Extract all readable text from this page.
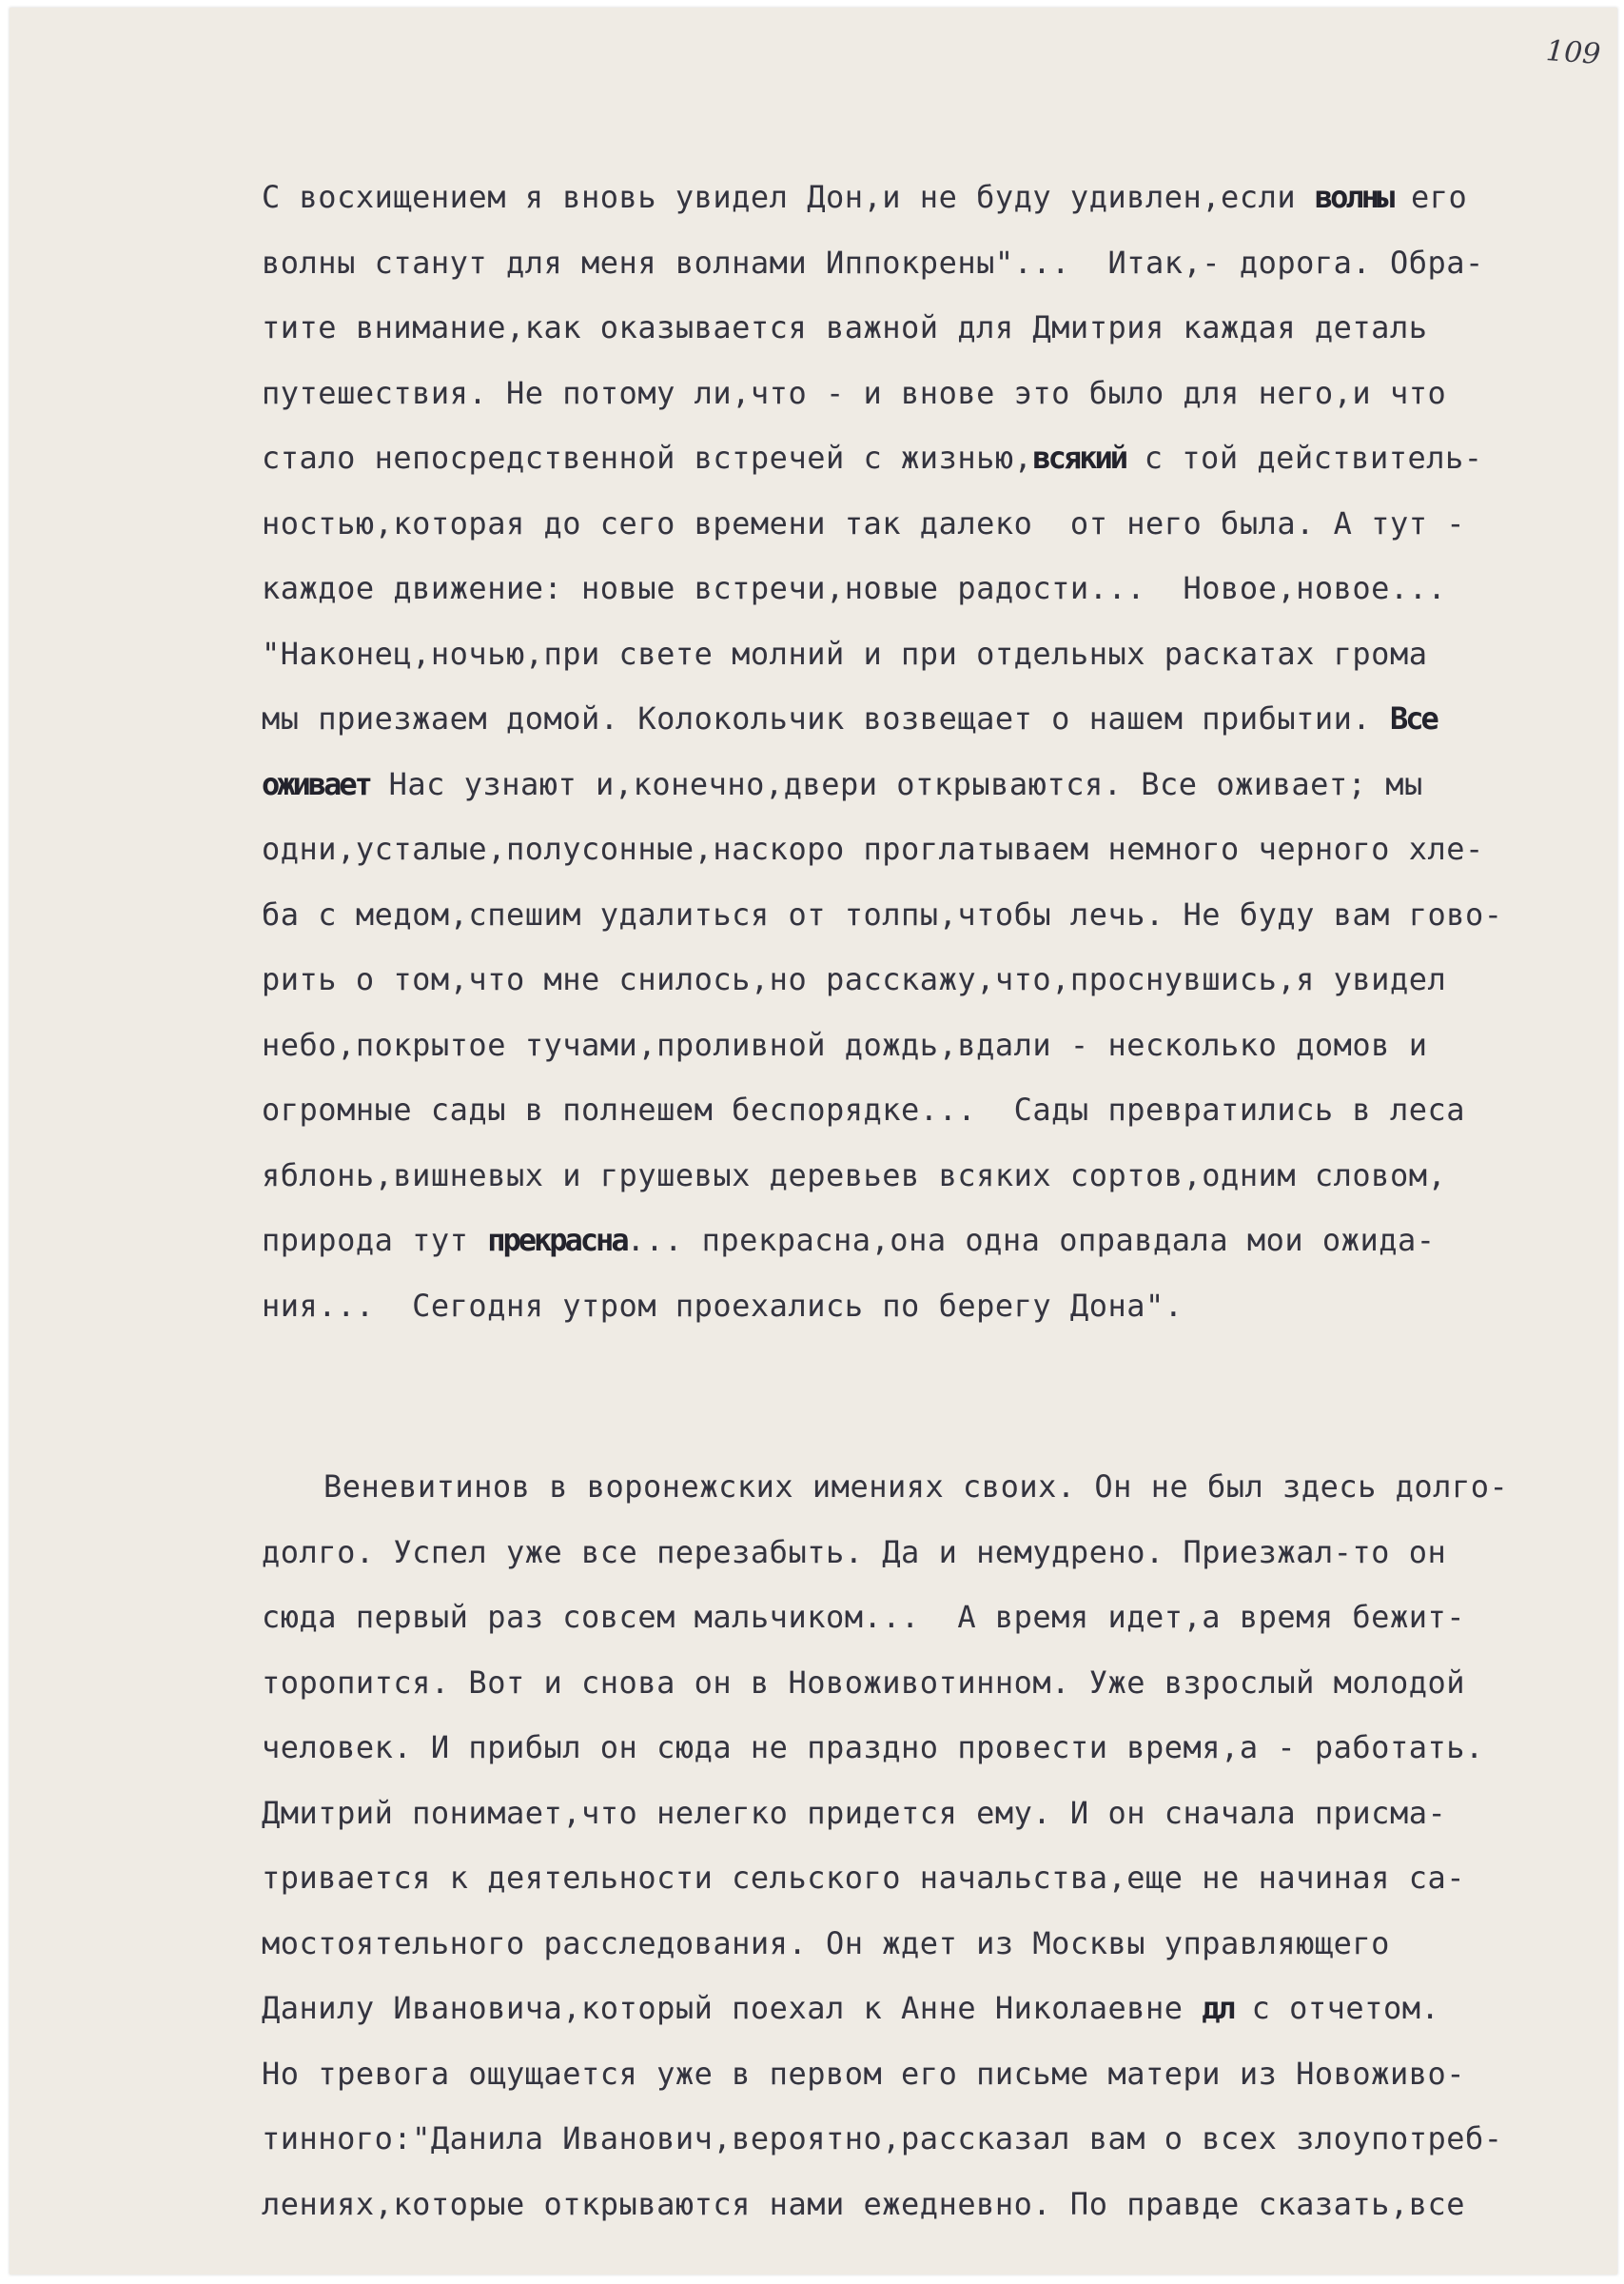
109
С восхищением я вновь увидел Дон,и не буду удивлен,если волны его
волны станут для меня волнами Иппокрены"...  Итак,- дорога. Обра-
тите внимание,как оказывается важной для Дмитрия каждая деталь
путешествия. Не потому ли,что - и внове это было для него,и что
стало непосредственной встречей с жизнью,всякий с той действитель-
ностью,которая до сего времени так далеко  от него была. А тут -
каждое движение: новые встречи,новые радости...  Новое,новое...
"Наконец,ночью,при свете молний и при отдельных раскатах грома
мы приезжаем домой. Колокольчик возвещает о нашем прибытии. Все
оживает Нас узнают и,конечно,двери открываются. Все оживает; мы
одни,усталые,полусонные,наскоро проглатываем немного черного хле-
ба с медом,спешим удалиться от толпы,чтобы лечь. Не буду вам гово-
рить о том,что мне снилось,но расскажу,что,проснувшись,я увидел
небо,покрытое тучами,проливной дождь,вдали - несколько домов и
огромные сады в полнешем беспорядке...  Сады превратились в леса
яблонь,вишневых и грушевых деревьев всяких сортов,одним словом,
природа тут прекрасна... прекрасна,она одна оправдала мои ожида-
ния...  Сегодня утром проехались по берегу Дона".
Веневитинов в воронежских имениях своих. Он не был здесь долго-
долго. Успел уже все перезабыть. Да и немудрено. Приезжал-то он
сюда первый раз совсем мальчиком...  А время идет,а время бежит-
торопится. Вот и снова он в Новоживотинном. Уже взрослый молодой
человек. И прибыл он сюда не праздно провести время,а - работать.
Дмитрий понимает,что нелегко придется ему. И он сначала присма-
тривается к деятельности сельского начальства,еще не начиная са-
мостоятельного расследования. Он ждет из Москвы управляющего
Данилу Ивановича,который поехал к Анне Николаевне дл с отчетом.
Но тревога ощущается уже в первом его письме матери из Новоживо-
тинного:"Данила Иванович,вероятно,рассказал вам о всех злоупотреб-
лениях,которые открываются нами ежедневно. По правде сказать,все
